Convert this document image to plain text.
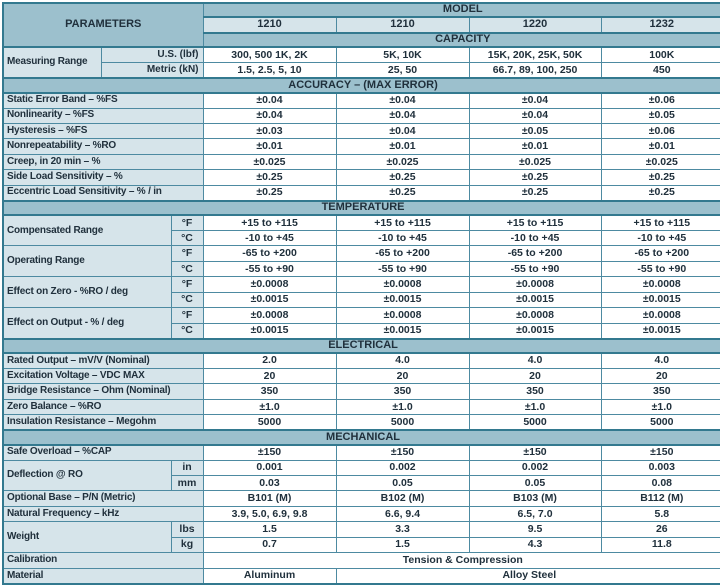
PARAMETERS			MODEL			
			1210	1210	1220	1232
			CAPACITY			
Measuring Range	U.S. (lbf)		300, 500 1K, 2K	5K, 10K	15K, 20K, 25K, 50K	100K
	Metric (kN)		1.5, 2.5, 5, 10	25, 50	66.7, 89, 100, 250	450
ACCURACY – (MAX ERROR)						
Static Error Band – %FS			±0.04	±0.04	±0.04	±0.06
Nonlinearity – %FS			±0.04	±0.04	±0.04	±0.05
Hysteresis – %FS			±0.03	±0.04	±0.05	±0.06
Nonrepeatability – %RO			±0.01	±0.01	±0.01	±0.01
Creep, in 20 min – %			±0.025	±0.025	±0.025	±0.025
Side Load Sensitivity – %			±0.25	±0.25	±0.25	±0.25
Eccentric Load Sensitivity – % / in			±0.25	±0.25	±0.25	±0.25
TEMPERATURE						
Compensated Range		°F	+15 to +115	+15 to +115	+15 to +115	+15 to +115
		°C	-10 to +45	-10 to +45	-10 to +45	-10 to +45
Operating Range		°F	-65 to +200	-65 to +200	-65 to +200	-65 to +200
		°C	-55 to +90	-55 to +90	-55 to +90	-55 to +90
Effect on Zero - %RO / deg		°F	±0.0008	±0.0008	±0.0008	±0.0008
		°C	±0.0015	±0.0015	±0.0015	±0.0015
Effect on Output - % / deg		°F	±0.0008	±0.0008	±0.0008	±0.0008
		°C	±0.0015	±0.0015	±0.0015	±0.0015
ELECTRICAL						
Rated Output – mV/V (Nominal)			2.0	4.0	4.0	4.0
Excitation Voltage – VDC MAX			20	20	20	20
Bridge Resistance – Ohm (Nominal)			350	350	350	350
Zero Balance – %RO			±1.0	±1.0	±1.0	±1.0
Insulation Resistance – Megohm			5000	5000	5000	5000
MECHANICAL						
Safe Overload – %CAP			±150	±150	±150	±150
Deflection @ RO		in	0.001	0.002	0.002	0.003
		mm	0.03	0.05	0.05	0.08
Optional Base – P/N (Metric)			B101 (M)	B102 (M)	B103 (M)	B112 (M)
Natural Frequency – kHz			3.9, 5.0, 6.9, 9.8	6.6, 9.4	6.5, 7.0	5.8
Weight		lbs	1.5	3.3	9.5	26
		kg	0.7	1.5	4.3	11.8
Calibration			Tension & Compression			
Material			Aluminum	Alloy Steel		
